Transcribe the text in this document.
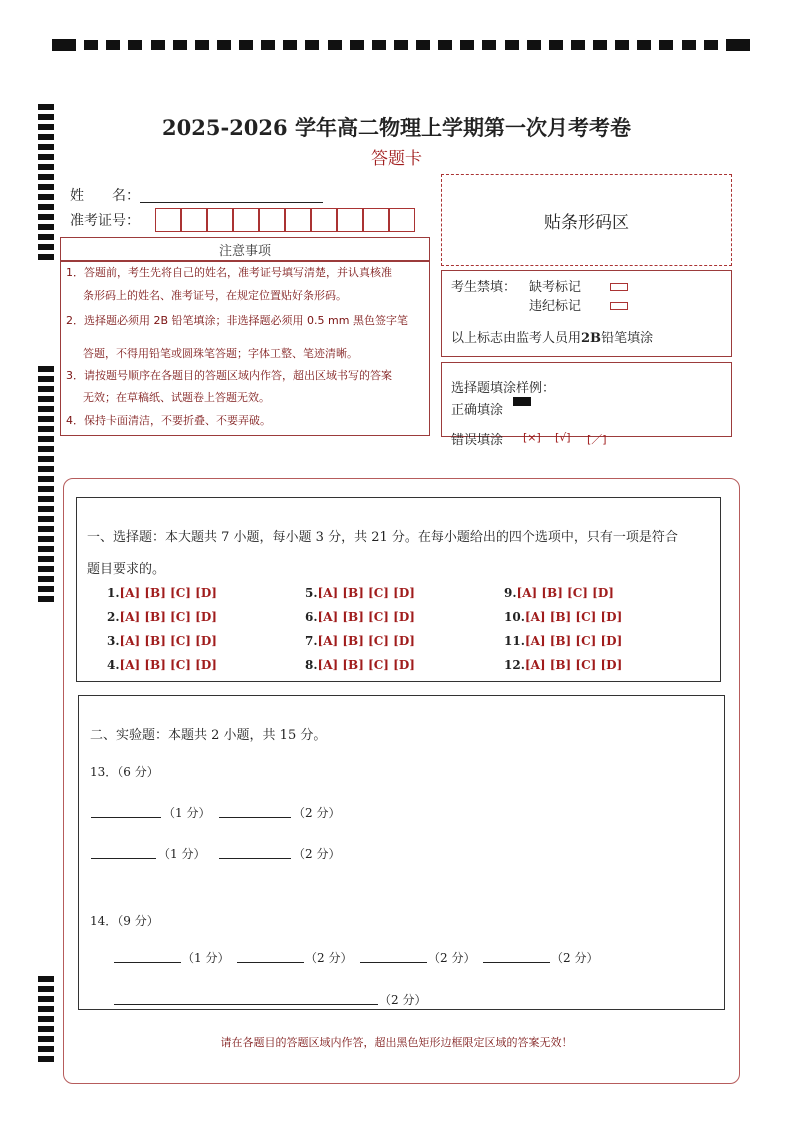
2025-2026 学年高二物理上学期第一次月考考卷
答题卡
姓　　名：
准考证号：	贴条形码区
注意事项
1．答题前，考生先将自己的姓名，准考证号填写清楚，并认真核准
条形码上的姓名、准考证号，在规定位置贴好条形码。
2．选择题必须用 2B 铅笔填涂；非选择题必须用 0.5 mm 黑色签字笔
答题，不得用铅笔或圆珠笔答题；字体工整、笔迹清晰。
3．请按题号顺序在各题目的答题区域内作答，超出区域书写的答案
无效；在草稿纸、试题卷上答题无效。
4．保持卡面清洁，不要折叠、不要弄破。
考生禁填： 缺考标记
违纪标记
以上标志由监考人员用2B铅笔填涂
选择题填涂样例：
正确填涂
错误填涂 [×] [√] [／]
一、选择题：本大题共 7 小题，每小题 3 分，共 21 分。在每小题给出的四个选项中，只有一项是符合
题目要求的。
1.[A] [B] [C] [D]
2.[A] [B] [C] [D]
3.[A] [B] [C] [D]
4.[A] [B] [C] [D]
5.[A] [B] [C] [D]
6.[A] [B] [C] [D]
7.[A] [B] [C] [D]
8.[A] [B] [C] [D]
9.[A] [B] [C] [D]
10.[A] [B] [C] [D]
11.[A] [B] [C] [D]
12.[A] [B] [C] [D]
二、实验题：本题共 2 小题，共 15 分。
13．（6 分）
（1 分）	（2 分）
（1 分）	（2 分）
14．（9 分）
（1 分）	（2 分）	（2 分）	（2 分）
（2 分）
请在各题目的答题区域内作答，超出黑色矩形边框限定区域的答案无效！
